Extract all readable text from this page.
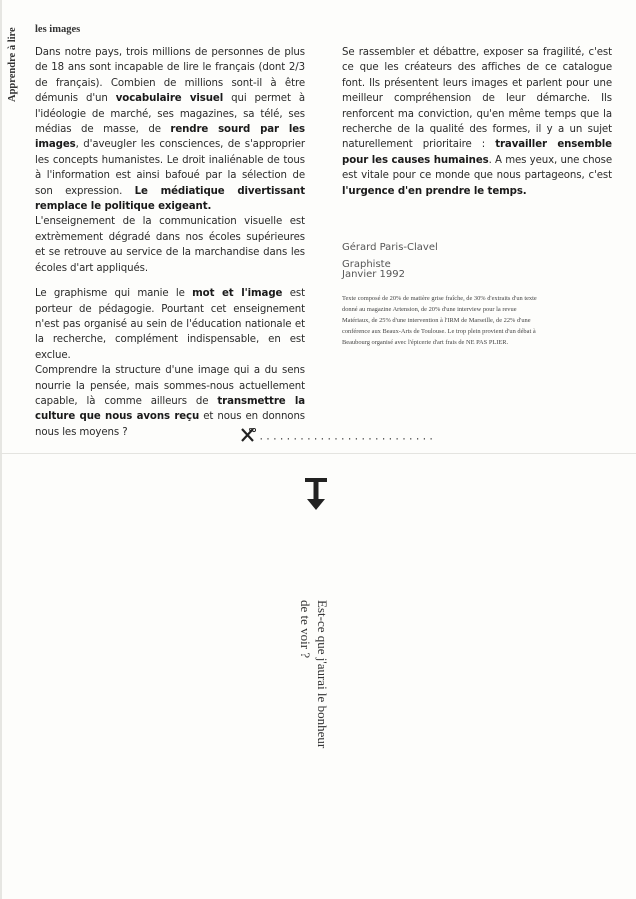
Apprendre à lire les images

Dans notre pays, trois millions de personnes de plus de 18 ans sont incapable de lire le français (dont 2/3 de français). Combien de millions sont-il à être démunis d'un vocabulaire visuel qui permet à l'idéologie de marché, ses magazines, sa télé, ses médias de masse, de rendre sourd par les images, d'aveugler les consciences, de s'approprier les concepts humanistes. Le droit inaliénable de tous à l'information est ainsi bafoué par la sélection de son expression. Le médiatique divertissant remplace le politique exigeant.

L'enseignement de la communication visuelle est extrèmement dégradé dans nos écoles supérieures et se retrouve au service de la marchandise dans les écoles d'art appliqués.

Le graphisme qui manie le mot et l'image est porteur de pédagogie. Pourtant cet enseignement n'est pas organisé au sein de l'éducation nationale et la recherche, complément indispensable, en est exclue.

Comprendre la structure d'une image qui a du sens nourrie la pensée, mais sommes-nous actuellement capable, là comme ailleurs de transmettre la culture que nous avons reçu et nous en donnons nous les moyens ?

Se rassembler et débattre, exposer sa fragilité, c'est ce que les créateurs des affiches de ce catalogue font. Ils présentent leurs images et parlent pour une meilleur compréhension de leur démarche. Ils renforcent ma conviction, qu'en même temps que la recherche de la qualité des formes, il y a un sujet naturellement prioritaire : travailler ensemble pour les causes humaines. A mes yeux, une chose est vitale pour ce monde que nous partageons, c'est l'urgence d'en prendre le temps.

Gérard Paris-Clavel
Graphiste
Janvier 1992
Texte composé de 20% de matière grise fraîche, de 30% d'extraits d'un texte donné au magazine Artension, de 20% d'une interview pour la revue Matériaux, de 25% d'une intervention à l'IRM de Marseille, de 22% d'une conférence aux Beaux-Arts de Toulouse. Le trop plein provient d'un débat à Beaubourg organisé avec l'épicerie d'art frais de NE PAS PLIER.
··························
Est-ce que j'aurai le bonheur
de te voir ?
